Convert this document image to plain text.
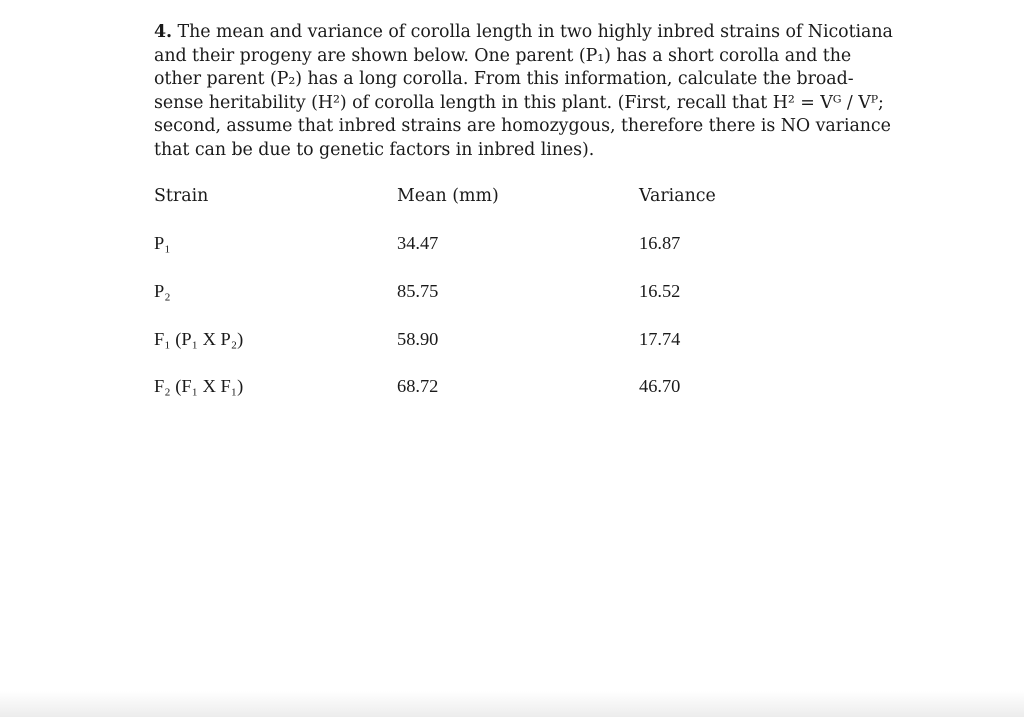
4. The mean and variance of corolla length in two highly inbred strains of Nicotiana
and their progeny are shown below. One parent (P₁) has a short corolla and the
other parent (P₂) has a long corolla. From this information, calculate the broad-
sense heritability (H²) of corolla length in this plant. (First, recall that H² = Vᴳ / Vᴾ;
second, assume that inbred strains are homozygous, therefore there is NO variance
that can be due to genetic factors in inbred lines).
Strain	Mean (mm)	Variance
P₁	34.47	16.87
P₂	85.75	16.52
F₁ (P₁ X P₂)	58.90	17.74
F₂ (F₁ X F₁)	68.72	46.70
